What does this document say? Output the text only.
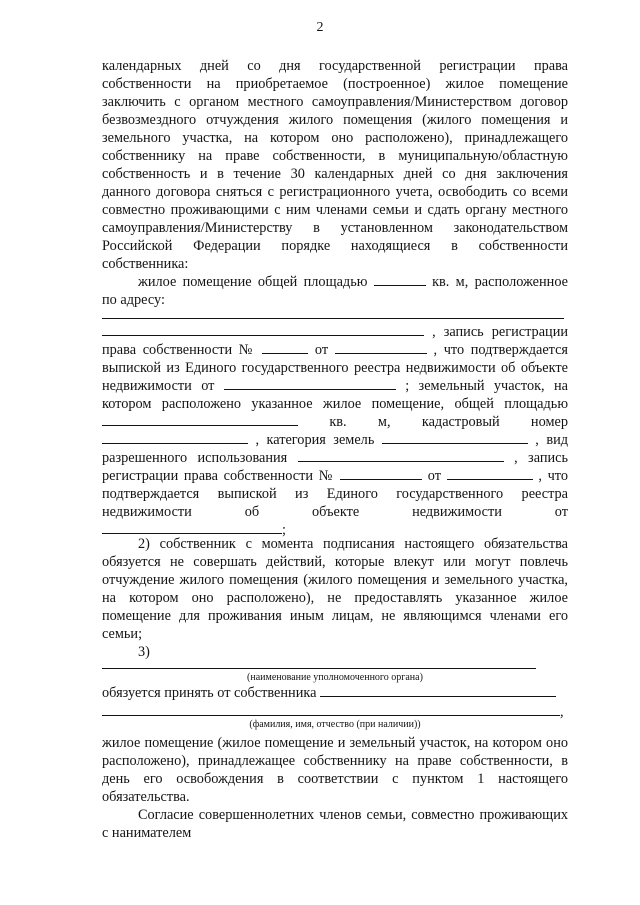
2
календарных дней со дня государственной регистрации права
собственности на приобретаемое (построенное) жилое помещение
заключить с органом местного самоуправления/Министерством договор
безвозмездного отчуждения жилого помещения (жилого помещения и
земельного участка, на котором оно расположено), принадлежащего
собственнику на праве собственности, в муниципальную/областную
собственность и в течение 30 календарных дней со дня заключения
данного договора сняться с регистрационного учета, освободить со всеми
совместно проживающими с ним членами семьи и сдать органу местного
самоуправления/Министерству в установленном законодательством
Российской Федерации порядке находящиеся в собственности
собственника:
жилое помещение общей площадью	кв. м, расположенное
по адресу:
, запись регистрации
права собственности №	от	, что подтверждается
выпиской из Единого государственного реестра недвижимости об объекте
недвижимости от	; земельный участок, на
котором расположено указанное жилое помещение, общей площадью
кв. м, кадастровый номер
, категория земель	, вид
разрешенного использования	, запись
регистрации права собственности №	от	, что
подтверждается выпиской из Единого государственного реестра
недвижимости об объекте недвижимости от
;
2) собственник с момента подписания настоящего обязательства
обязуется не совершать действий, которые влекут или могут повлечь
отчуждение жилого помещения (жилого помещения и земельного участка,
на котором оно расположено), не предоставлять указанное жилое
помещение для проживания иным лицам, не являющимся членами его
семьи;
3)
(наименование уполномоченного органа)
обязуется принять от собственника
,
(фамилия, имя, отчество (при наличии))
жилое помещение (жилое помещение и земельный участок, на котором оно
расположено), принадлежащее собственнику на праве собственности, в
день его освобождения в соответствии с пунктом 1 настоящего
обязательства.
Согласие совершеннолетних членов семьи, совместно проживающих
с нанимателем
